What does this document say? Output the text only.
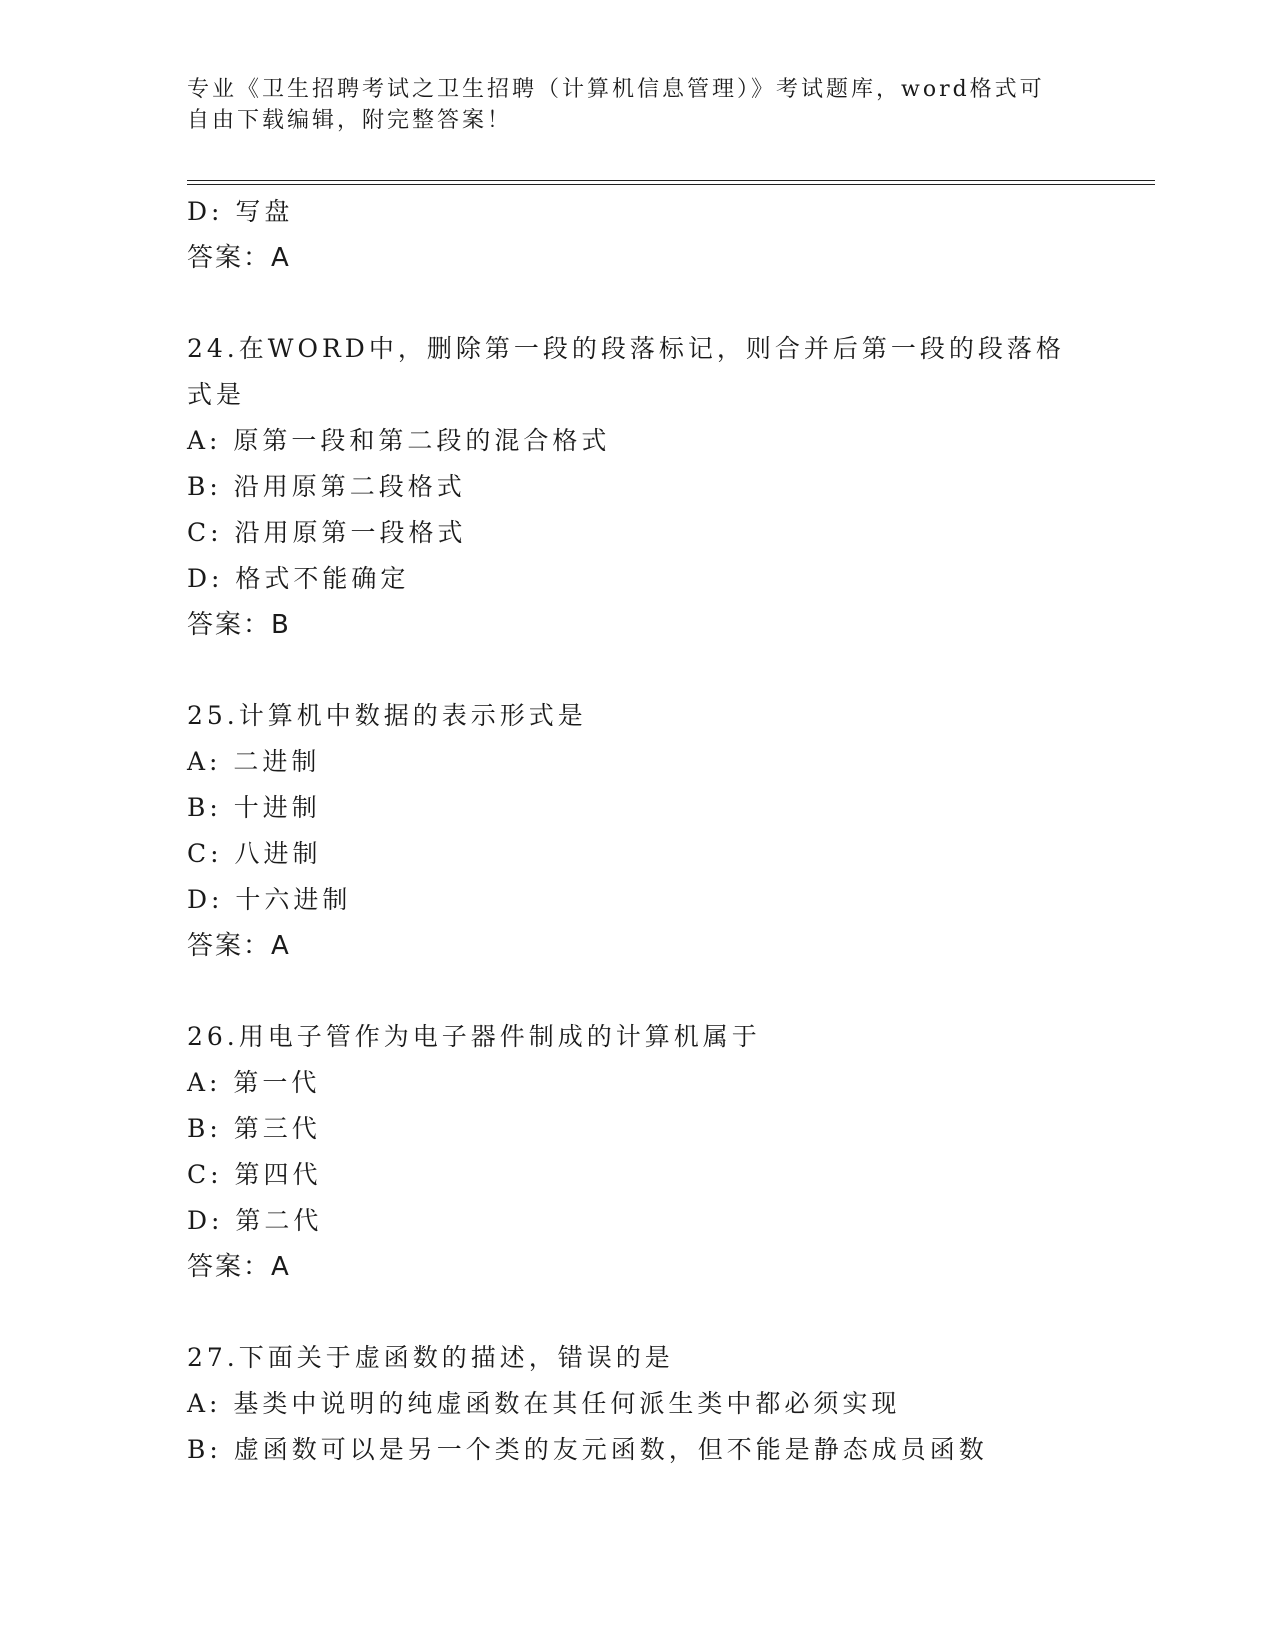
专业《卫生招聘考试之卫生招聘（计算机信息管理）》考试题库，word格式可自由下载编辑，附完整答案！
D: 写盘
答案：A
24.在WORD中，删除第一段的段落标记，则合并后第一段的段落格式是
A: 原第一段和第二段的混合格式
B: 沿用原第二段格式
C: 沿用原第一段格式
D: 格式不能确定
答案：B
25.计算机中数据的表示形式是
A: 二进制
B: 十进制
C: 八进制
D: 十六进制
答案：A
26.用电子管作为电子器件制成的计算机属于
A: 第一代
B: 第三代
C: 第四代
D: 第二代
答案：A
27.下面关于虚函数的描述，错误的是
A: 基类中说明的纯虚函数在其任何派生类中都必须实现
B: 虚函数可以是另一个类的友元函数，但不能是静态成员函数
